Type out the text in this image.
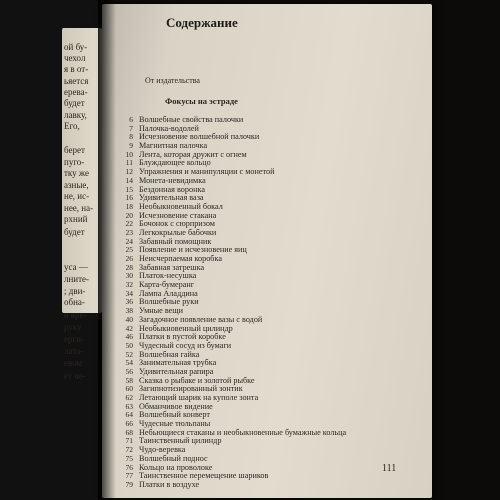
ой бу-
чехол
я в от-
ьяется
ерева-
будет
лавку,
Его,
берет
пуго-
тку же
азные,
не, ис-
нее, на-
рхний
будет
уса —
лните-
; дви-
обна-
о вре-
руку
ерги-
лато-
евом
ет че-
Содержание
От издательства
Фокусы на эстраде
6 Волшебные свойства палочки
7 Палочка-водолей
8 Исчезновение волшебной палочки
9 Магнитная палочка
10 Лента, которая дружит с огнем
11 Блуждающее кольцо
12 Упражнения и манипуляции с монетой
14 Монета-невидимка
15 Бездонная воронка
16 Удивительная ваза
18 Необыкновенный бокал
20 Исчезновение стакана
22 Бочонок с сюрпризом
23 Легкокрылые бабочки
24 Забавный помощник
25 Появление и исчезновение яиц
26 Неисчерпаемая коробка
28 Забавная затрешка
30 Платок-несушка
32 Карта-бумеранг
34 Лампа Аладдина
36 Волшебные руки
38 Умные вещи
40 Загадочное появление вазы с водой
42 Необыкновенный цилиндр
46 Платки в пустой коробке
50 Чудесный сосуд из бумаги
52 Волшебная гайка
54 Занимательная трубка
56 Удивительная рапира
58 Сказка о рыбаке и золотой рыбке
60 Загипнотизированный зонтик
62 Летающий шарик на куполе зонта
63 Обманчивое видение
64 Волшебный конверт
66 Чудесные тюльпаны
68 Небьющиеся стаканы и необыкновенные бумажные кольца
71 Таинственный цилиндр
72 Чудо-веревка
75 Волшебный поднос
76 Кольцо на проволоке
77 Таинственное перемещение шариков
79 Платки в воздухе
111
